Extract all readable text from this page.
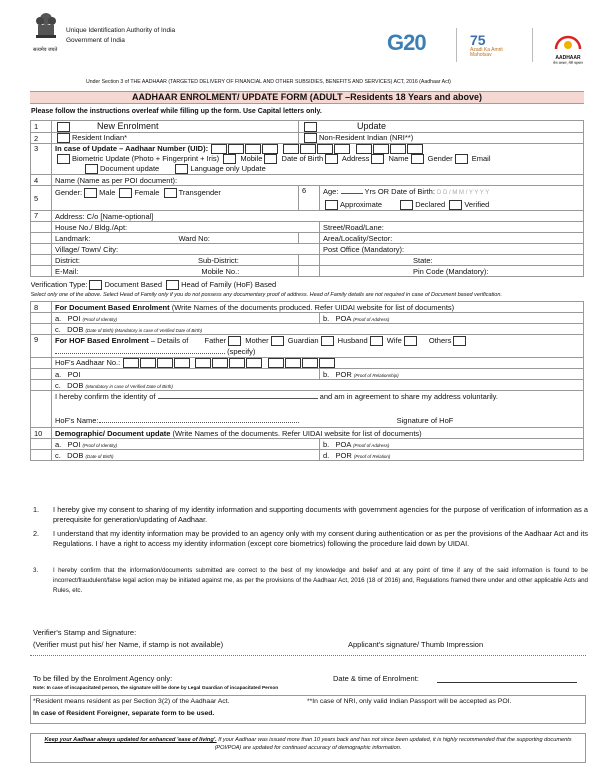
सत्यमेव जयते
Unique Identification Authority of India
Government of India	G20	75
Azadi Ka Amrit Mahotsav	AADHAAR
मेरा आधार, मेरी पहचान
Under Section 3 of THE AADHAAR (TARGETED DELIVERY OF FINANCIAL AND OTHER SUBSIDIES, BENEFITS AND SERVICES) ACT, 2016 (Aadhaar Act)
AADHAAR ENROLMENT/ UPDATE FORM (ADULT –Residents 18 Years and above)
Please follow the instructions overleaf while filling up the form. Use Capital letters only.
1	New Enrolment	Update	
2	Resident Indian*	Non-Resident Indian (NRI**)	
3	In case of Update – Aadhaar Number (UID):
Biometric Update (Photo + Fingerprint + Iris) Mobile Date of Birth Address Name Gender Email
Document update Language only Update		
4	Name (Name as per POI document):		
5	Gender: Male Female Transgender	6	Age: Yrs OR Date of Birth: D D / M M / Y Y Y Y
Approximate Declared Verified
7	Address: C/o [Name-optional]		
	House No./ Bldg./Apt:		Street/Road/Lane:
	Landmark: Ward No:		Area/Locality/Sector:
	Village/ Town/ City:		Post Office (Mandatory):
	District: Sub-District:		State:
	E-Mail: Mobile No.:		Pin Code (Mandatory):
Verification Type: Document Based Head of Family (HoF) Based
Select only one of the above. Select Head of Family only if you do not possess any documentary proof of address. Head of Family details are not required in case of Document based verification.			
8	For Document Based Enrolment (Write Names of the documents produced. Refer UIDAI website for list of documents)		
	a. POI (Proof of Identity)		b. POA (Proof of Address)
	c. DOB (Date of Birth) (Mandatory in case of Verified Date of Birth)		
9	For HOF Based Enrolment – Details of Father Mother Guardian Husband Wife Others
(specify)		
	HoF's Aadhaar No.:		
	a. POI		b. POR (Proof of Relationship)
	c. DOB (Mandatory in case of Verified Date of Birth)		
	I hereby confirm the identity of and am in agreement to share my address voluntarily.

HoF's Name: Signature of HoF		
10	Demographic/ Document update (Write Names of the documents. Refer UIDAI website for list of documents)		
	a. POI (Proof of Identity)		b. POA (Proof of Address)
	c. DOB (Date of Birth)		d. POR (Proof of Relation)
1. I hereby give my consent to sharing of my identity information and supporting documents with government agencies for the purpose of verification of information as a prerequisite for generation/updating of Aadhaar.
2. I understand that my identity information may be provided to an agency only with my consent during authentication or as per the provisions of the Aadhaar Act and its Regulations. I have a right to access my identity information (except core biometrics) following the procedure laid down by UIDAI.
3. I hereby confirm that the information/documents submitted are correct to the best of my knowledge and belief and at any point of time if any of the said information is found to be incorrect/fraudulent/false legal action may be initiated against me, as per the provisions of the Aadhaar Act, 2016 (18 of 2016) and, Regulations framed there under and other applicable Acts and Rules, etc.
Verifier's Stamp and Signature:
(Verifier must put his/ her Name, if stamp is not available)	Applicant's signature/ Thumb Impression
To be filled by the Enrolment Agency only:	Date & time of Enrolment:
Note: In case of incapacitated person, the signature will be done by Legal Guardian of incapacitated Person
*Resident means resident as per Section 3(2) of the Aadhaar Act.	**In case of NRI, only valid Indian Passport will be accepted as POI.
In case of Resident Foreigner, separate form to be used.
Keep your Aadhaar always updated for enhanced 'ease of living'. If your Aadhaar was issued more than 10 years back and has not since been updated, it is highly recommended that the supporting documents (POI/POA) are updated for continued accuracy of demographic information.
